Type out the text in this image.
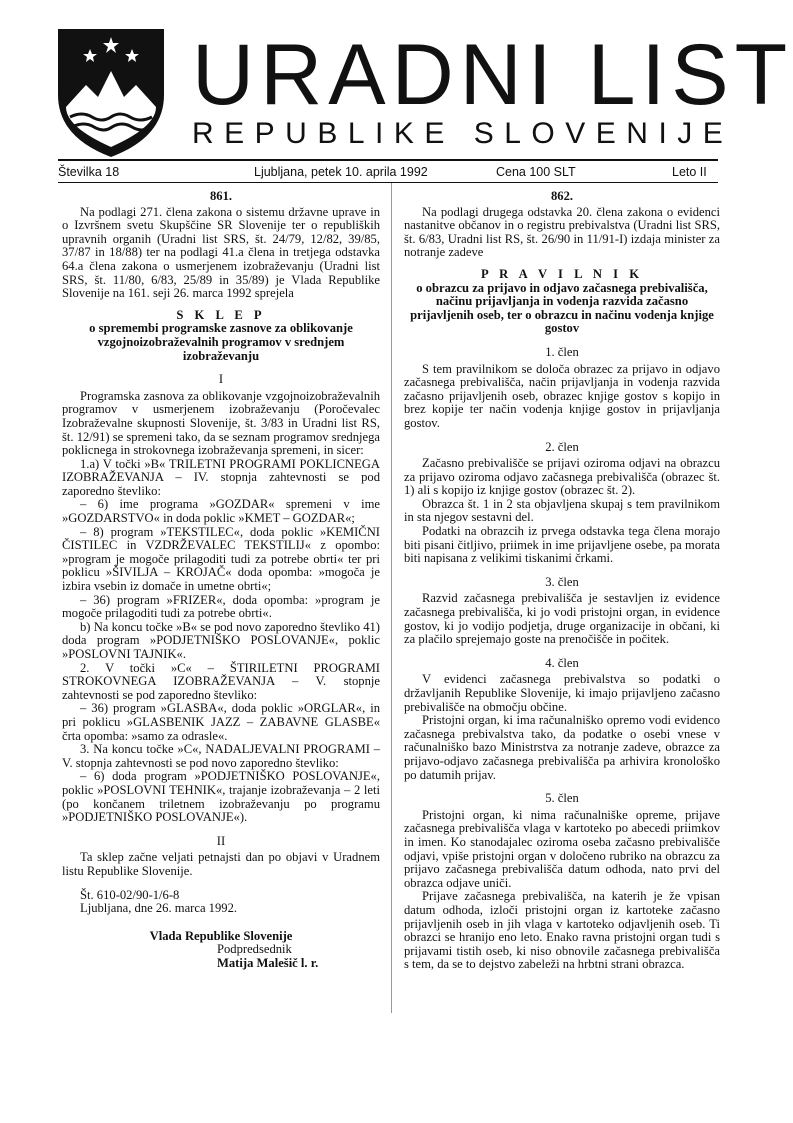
URADNI LIST
REPUBLIKE SLOVENIJE
Številka 18	Ljubljana, petek 10. aprila 1992	Cena 100 SLT	Leto II

861.

Na podlagi 271. člena zakona o sistemu državne uprave in o Izvršnem svetu Skupščine SR Slovenije ter o republiških upravnih organih (Uradni list SRS, št. 24/79, 12/82, 39/85, 37/87 in 18/88) ter na podlagi 41.a člena in tretjega odstavka 64.a člena zakona o usmerjenem izobraževanju (Uradni list SRS, št. 11/80, 6/83, 25/89 in 35/89) je Vlada Republike Slovenije na 161. seji 26. marca 1992 sprejela

S K L E P

o spremembi programske zasnove za oblikovanje vzgojnoizobraževalnih programov v srednjem izobraževanju

I

Programska zasnova za oblikovanje vzgojnoizobraževalnih programov v usmerjenem izobraževanju (Poročevalec Izobraževalne skupnosti Slovenije, št. 3/83 in Uradni list RS, št. 12/91) se spremeni tako, da se seznam programov srednjega poklicnega in strokovnega izobraževanja spremeni, in sicer:

1.a) V točki »B« TRILETNI PROGRAMI POKLICNEGA IZOBRAŽEVANJA – IV. stopnja zahtevnosti se pod zaporedno števliko:

– 6) ime programa »GOZDAR« spremeni v ime »GOZDARSTVO« in doda poklic »KMET – GOZDAR«;

– 8) program »TEKSTILEC«, doda poklic »KEMIČNI ČISTILEC in VZDRŽEVALEC TEKSTILIJ« z opombo: »program je mogoče prilagoditi tudi za potrebe obrti« ter pri poklicu »ŠIVILJA – KROJAČ« doda opomba: »mogoča je izbira vsebin iz domače in umetne obrti«;

– 36) program »FRIZER«, doda opomba: »program je mogoče prilagoditi tudi za potrebe obrti«.

b) Na koncu točke »B« se pod novo zaporedno števliko 41) doda program »PODJETNIŠKO POSLOVANJE«, poklic »POSLOVNI TAJNIK«.

2. V točki »C« – ŠTIRILETNI PROGRAMI STROKOVNEGA IZOBRAŽEVANJA – V. stopnje zahtevnosti se pod zaporedno števliko:

– 36) program »GLASBA«, doda poklic »ORGLAR«, in pri poklicu »GLASBENIK JAZZ – ZABAVNE GLASBE« črta opomba: »samo za odrasle«.

3. Na koncu točke »C«, NADALJEVALNI PROGRAMI – V. stopnja zahtevnosti se pod novo zaporedno števliko:

– 6) doda program »PODJETNIŠKO POSLOVANJE«, poklic »POSLOVNI TEHNIK«, trajanje izobraževanja – 2 leti (po končanem triletnem izobraževanju po programu »PODJETNIŠKO POSLOVANJE«).

II

Ta sklep začne veljati petnajsti dan po objavi v Uradnem listu Republike Slovenije.

Št. 610-02/90-1/6-8

Ljubljana, dne 26. marca 1992.

Vlada Republike Slovenije

Podpredsednik

Matija Malešič l. r.

862.

Na podlagi drugega odstavka 20. člena zakona o evidenci nastanitve občanov in o registru prebivalstva (Uradni list SRS, št. 6/83, Uradni list RS, št. 26/90 in 11/91-I) izdaja minister za notranje zadeve

P R A V I L N I K

o obrazcu za prijavo in odjavo začasnega prebivališča, načinu prijavljanja in vodenja razvida začasno prijavljenih oseb, ter o obrazcu in načinu vodenja knjige gostov

1. člen

S tem pravilnikom se določa obrazec za prijavo in odjavo začasnega prebivališča, način prijavljanja in vodenja razvida začasno prijavljenih oseb, obrazec knjige gostov s kopijo in brez kopije ter način vodenja knjige gostov in prijavljanja gostov.

2. člen

Začasno prebivališče se prijavi oziroma odjavi na obrazcu za prijavo oziroma odjavo začasnega prebivališča (obrazec št. 1) ali s kopijo iz knjige gostov (obrazec št. 2).

Obrazca št. 1 in 2 sta objavljena skupaj s tem pravilnikom in sta njegov sestavni del.

Podatki na obrazcih iz prvega odstavka tega člena morajo biti pisani čitljivo, priimek in ime prijavljene osebe, pa morata biti napisana z velikimi tiskanimi črkami.

3. člen

Razvid začasnega prebivališča je sestavljen iz evidence začasnega prebivališča, ki jo vodi pristojni organ, in evidence gostov, ki jo vodijo podjetja, druge organizacije in občani, ki za plačilo sprejemajo goste na prenočišče in počitek.

4. člen

V evidenci začasnega prebivalstva so podatki o državljanih Republike Slovenije, ki imajo prijavljeno začasno prebivališče na območju občine.

Pristojni organ, ki ima računalniško opremo vodi evidenco začasnega prebivalstva tako, da podatke o osebi vnese v računalniško bazo Ministrstva za notranje zadeve, obrazce za prijavo-odjavo začasnega prebivališča pa arhivira kronološko po datumih prijav.

5. člen

Pristojni organ, ki nima računalniške opreme, prijave začasnega prebivališča vlaga v kartoteko po abecedi priimkov in imen. Ko stanodajalec oziroma oseba začasno prebivališče odjavi, vpiše pristojni organ v določeno rubriko na obrazcu za prijavo začasnega prebivališča datum odhoda, nato prvi del obrazca odjave uniči.

Prijave začasnega prebivališča, na katerih je že vpisan datum odhoda, izloči pristojni organ iz kartoteke začasno prijavljenih oseb in jih vlaga v kartoteko odjavljenih oseb. Ti obrazci se hranijo eno leto. Enako ravna pristojni organ tudi s prijavami tistih oseb, ki niso obnovile začasnega prebivališča s tem, da se to dejstvo zabeleži na hrbtni strani obrazca.
